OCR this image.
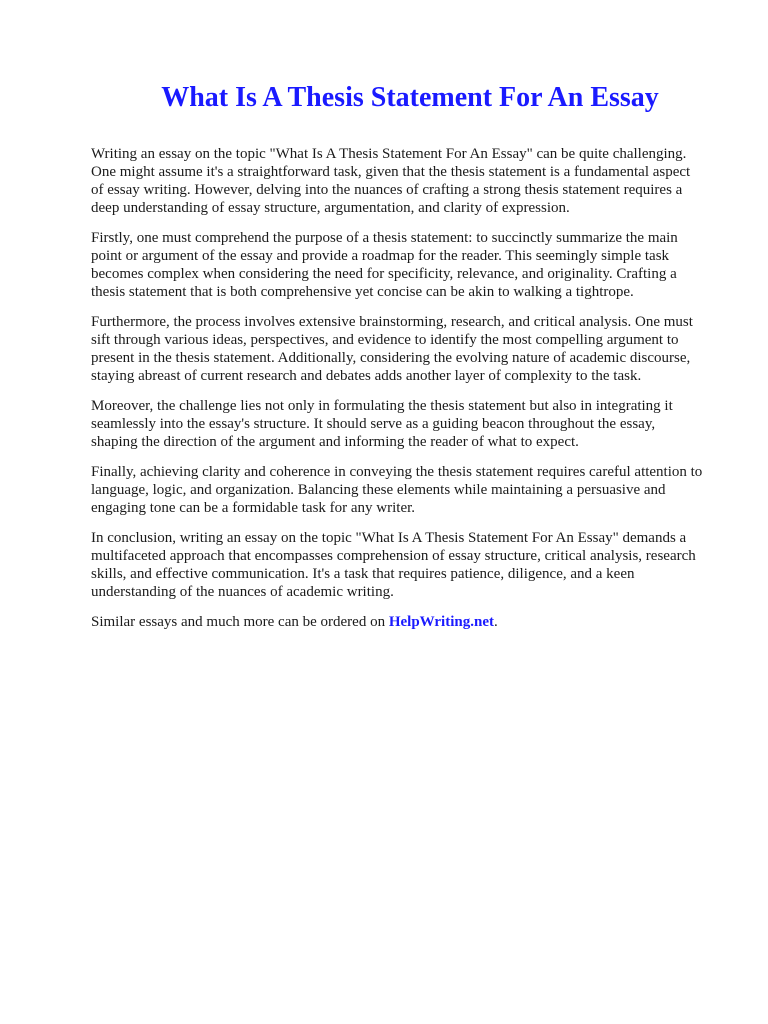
What Is A Thesis Statement For An Essay

Writing an essay on the topic "What Is A Thesis Statement For An Essay" can be quite challenging.
One might assume it's a straightforward task, given that the thesis statement is a fundamental aspect
of essay writing. However, delving into the nuances of crafting a strong thesis statement requires a
deep understanding of essay structure, argumentation, and clarity of expression.

Firstly, one must comprehend the purpose of a thesis statement: to succinctly summarize the main
point or argument of the essay and provide a roadmap for the reader. This seemingly simple task
becomes complex when considering the need for specificity, relevance, and originality. Crafting a
thesis statement that is both comprehensive yet concise can be akin to walking a tightrope.

Furthermore, the process involves extensive brainstorming, research, and critical analysis. One must
sift through various ideas, perspectives, and evidence to identify the most compelling argument to
present in the thesis statement. Additionally, considering the evolving nature of academic discourse,
staying abreast of current research and debates adds another layer of complexity to the task.

Moreover, the challenge lies not only in formulating the thesis statement but also in integrating it
seamlessly into the essay's structure. It should serve as a guiding beacon throughout the essay,
shaping the direction of the argument and informing the reader of what to expect.

Finally, achieving clarity and coherence in conveying the thesis statement requires careful attention to
language, logic, and organization. Balancing these elements while maintaining a persuasive and
engaging tone can be a formidable task for any writer.

In conclusion, writing an essay on the topic "What Is A Thesis Statement For An Essay" demands a
multifaceted approach that encompasses comprehension of essay structure, critical analysis, research
skills, and effective communication. It's a task that requires patience, diligence, and a keen
understanding of the nuances of academic writing.

Similar essays and much more can be ordered on HelpWriting.net.
